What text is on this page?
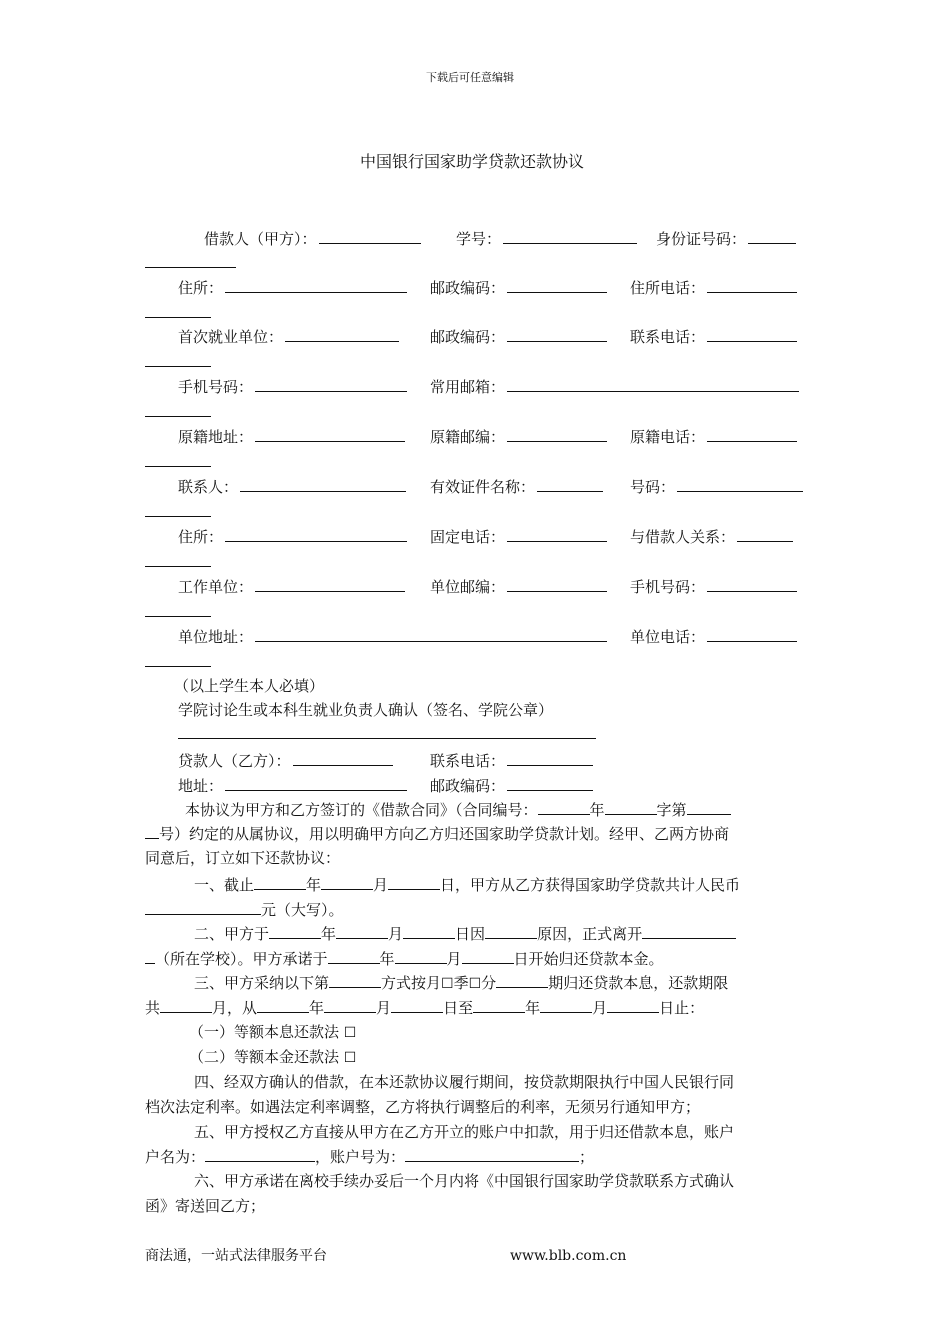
下载后可任意编辑
中国银行国家助学贷款还款协议
借款人（甲方）：	学号：	身份证号码：
住所：	邮政编码：	住所电话：
首次就业单位：	邮政编码：	联系电话：
手机号码：	常用邮箱：
原籍地址：	原籍邮编：	原籍电话：
联系人：	有效证件名称：	号码：
住所：	固定电话：	与借款人关系：
工作单位：	单位邮编：	手机号码：
单位地址：	单位电话：
（以上学生本人必填）
学院讨论生或本科生就业负责人确认（签名、学院公章）
贷款人（乙方）：	联系电话：
地址：	邮政编码：
本协议为甲方和乙方签订的《借款合同》（合同编号：	年	字第
号）约定的从属协议，用以明确甲方向乙方归还国家助学贷款计划。经甲、乙两方协商
同意后，订立如下还款协议：
一、截止	年	月	日，甲方从乙方获得国家助学贷款共计人民币
元（大写）。
二、甲方于	年	月	日因	原因，正式离开
（所在学校）。甲方承诺于	年	月	日开始归还贷款本金。
三、甲方采纳以下第	方式按月☐季☐分	期归还贷款本息，还款期限
共	月，从	年	月	日至	年	月	日止：
（一）等额本息还款法 ☐
（二）等额本金还款法 ☐
四、经双方确认的借款，在本还款协议履行期间，按贷款期限执行中国人民银行同
档次法定利率。如遇法定利率调整，乙方将执行调整后的利率，无须另行通知甲方；
五、甲方授权乙方直接从甲方在乙方开立的账户中扣款，用于归还借款本息，账户
户名为：	，账户号为：	；
六、甲方承诺在离校手续办妥后一个月内将《中国银行国家助学贷款联系方式确认
函》寄送回乙方；
商法通，一站式法律服务平台	www.blb.com.cn
